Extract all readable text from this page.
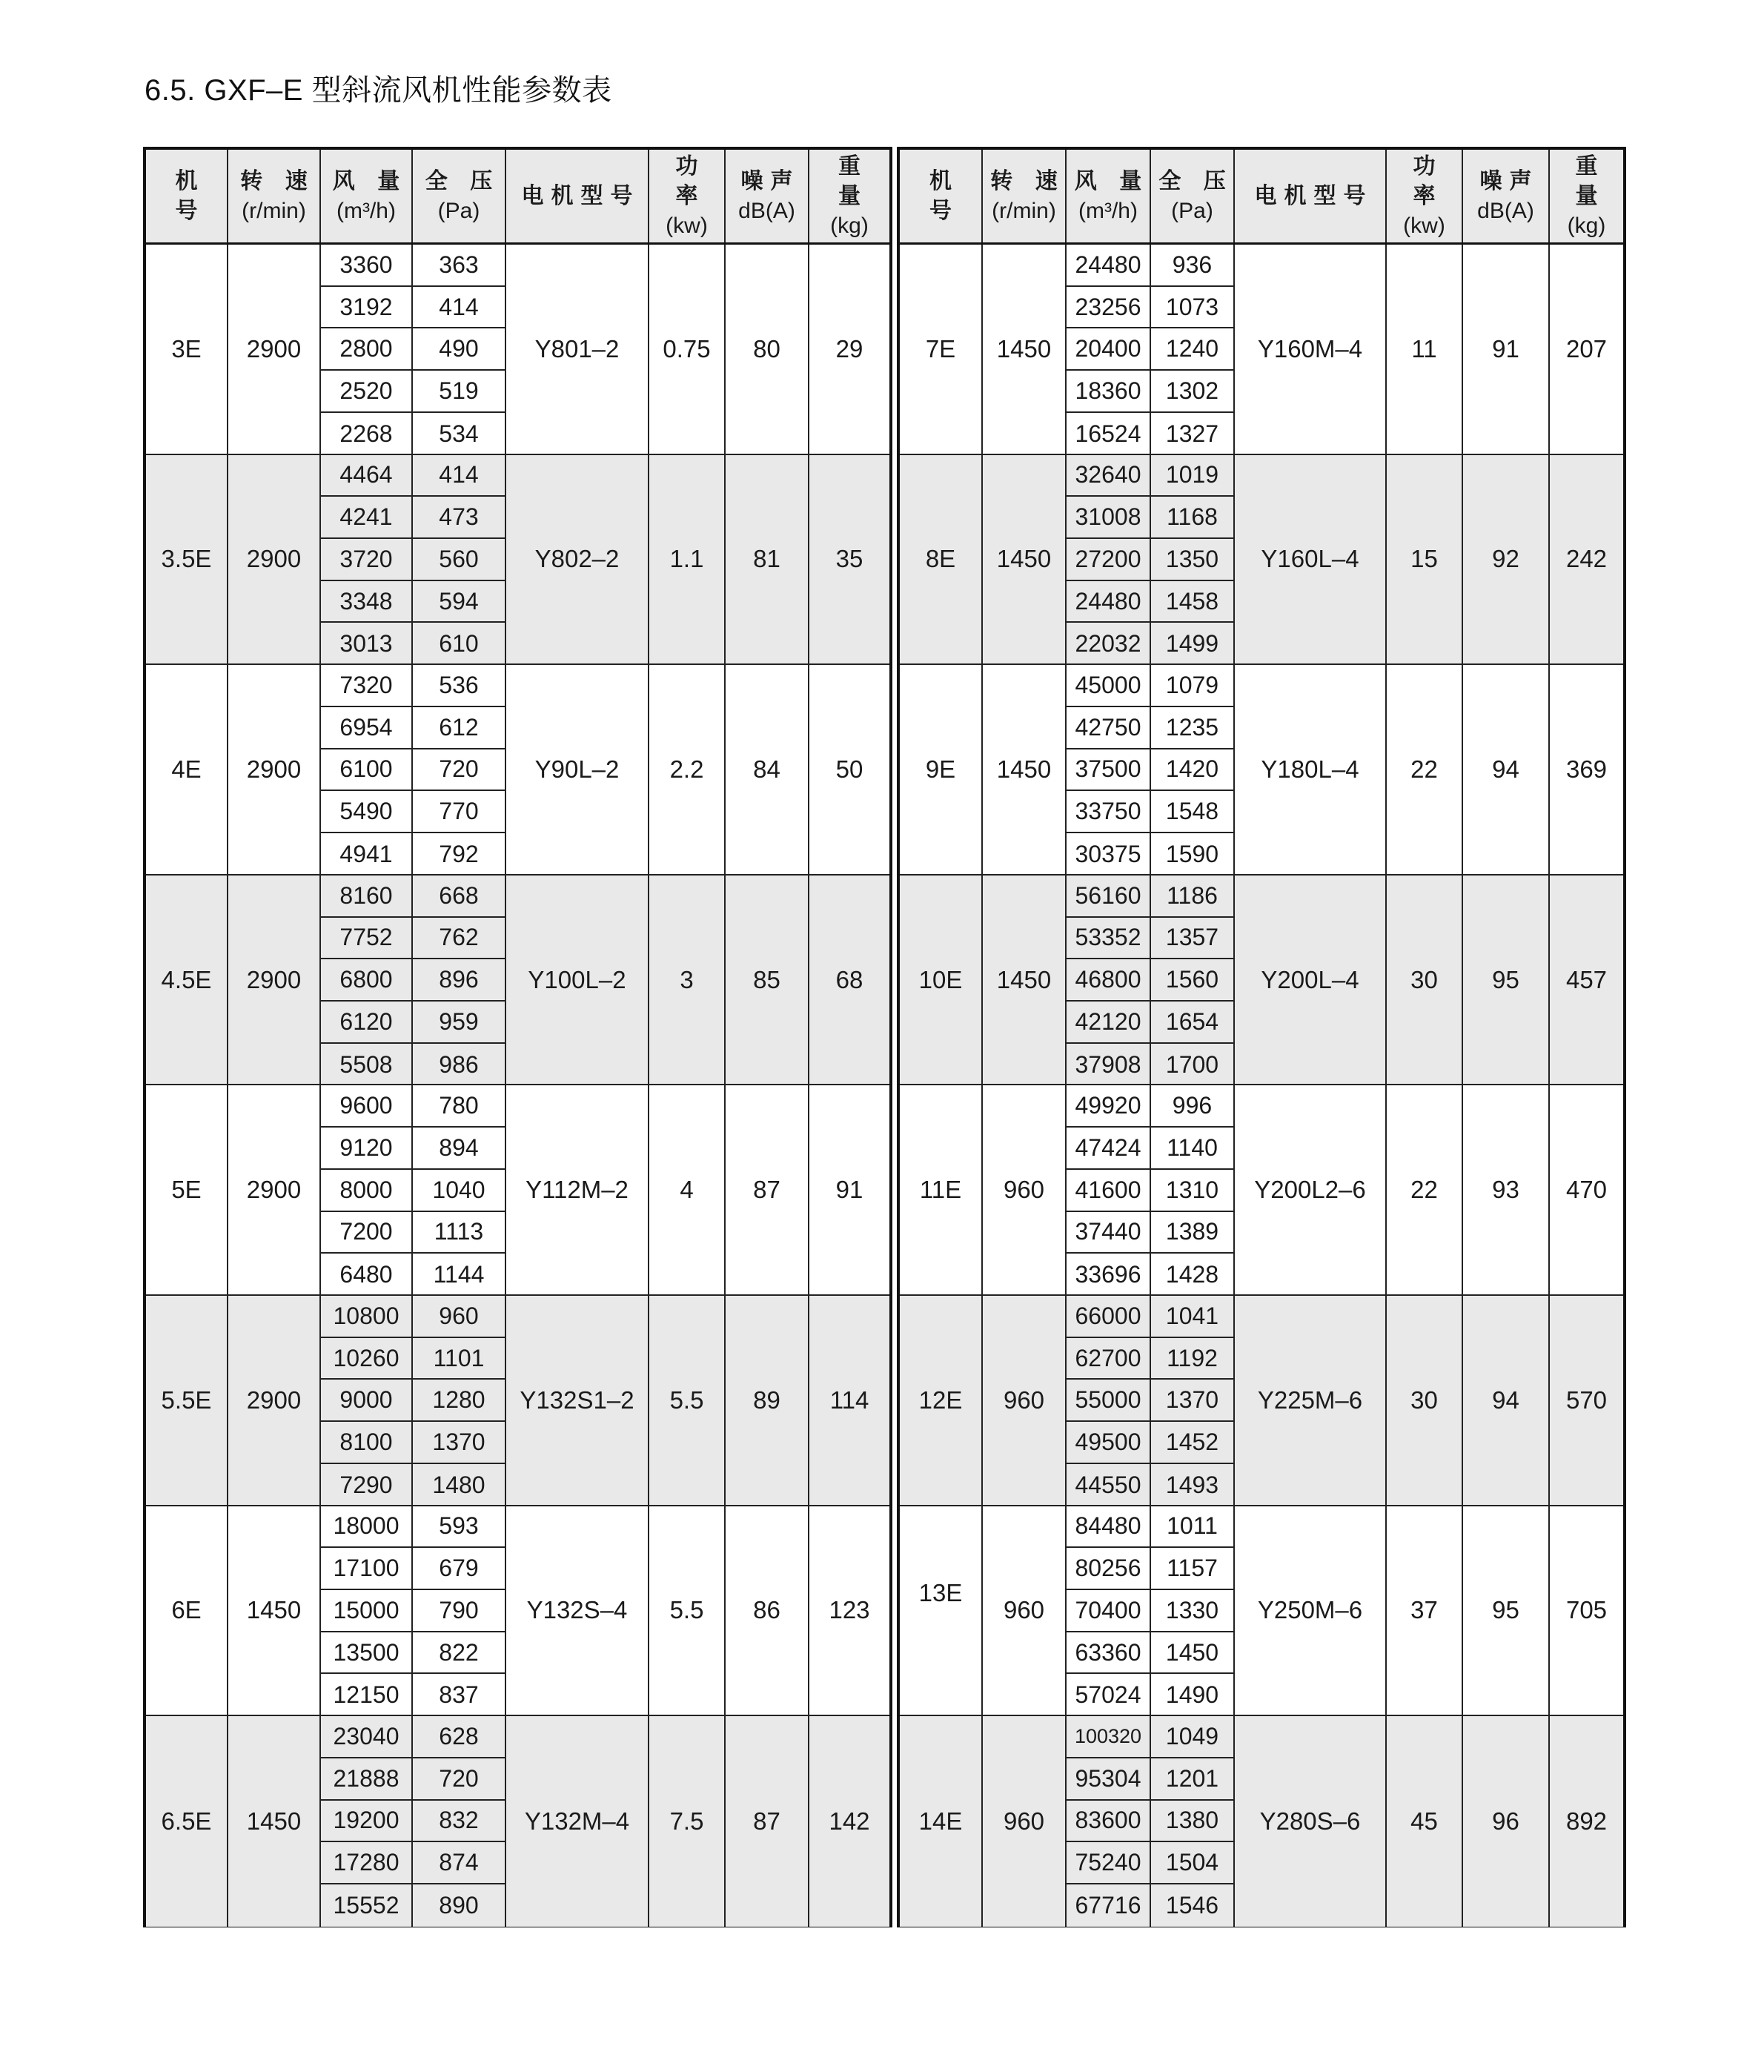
6.5. GXF–E 型斜流风机性能参数表
机 号
转 速
(r/min)
风 量
(m³/h)
全 压
(Pa)
电机型号
功 率
(kw)
噪声
dB(A)
重 量
(kg)
3E 2900
3360
3192
2800
2520
2268
363
414
490
519
534
Y801–2 0.75 80 29
3.5E 2900
4464
4241
3720
3348
3013
414
473
560
594
610
Y802–2 1.1 81 35
4E 2900
7320
6954
6100
5490
4941
536
612
720
770
792
Y90L–2 2.2 84 50
4.5E 2900
8160
7752
6800
6120
5508
668
762
896
959
986
Y100L–2 3 85 68
5E 2900
9600
9120
8000
7200
6480
780
894
1040
1113
1144
Y112M–2 4 87 91
5.5E 2900
10800
10260
9000
8100
7290
960
1101
1280
1370
1480
Y132S1–2 5.5 89 114
6E 1450
18000
17100
15000
13500
12150
593
679
790
822
837
Y132S–4 5.5 86 123
6.5E 1450
23040
21888
19200
17280
15552
628
720
832
874
890
Y132M–4 7.5 87 142
机 号
转 速
(r/min)
风 量
(m³/h)
全 压
(Pa)
电机型号
功 率
(kw)
噪声
dB(A)
重 量
(kg)
7E 1450
24480
23256
20400
18360
16524
936
1073
1240
1302
1327
Y160M–4 11 91 207
8E 1450
32640
31008
27200
24480
22032
1019
1168
1350
1458
1499
Y160L–4 15 92 242
9E 1450
45000
42750
37500
33750
30375
1079
1235
1420
1548
1590
Y180L–4 22 94 369
10E 1450
56160
53352
46800
42120
37908
1186
1357
1560
1654
1700
Y200L–4 30 95 457
11E 960
49920
47424
41600
37440
33696
996
1140
1310
1389
1428
Y200L2–6 22 93 470
12E 960
66000
62700
55000
49500
44550
1041
1192
1370
1452
1493
Y225M–6 30 94 570
13E
960
84480
80256
70400
63360
57024
1011
1157
1330
1450
1490
Y250M–6 37 95 705
14E 960
100320
95304
83600
75240
67716
1049
1201
1380
1504
1546
Y280S–6 45 96 892
